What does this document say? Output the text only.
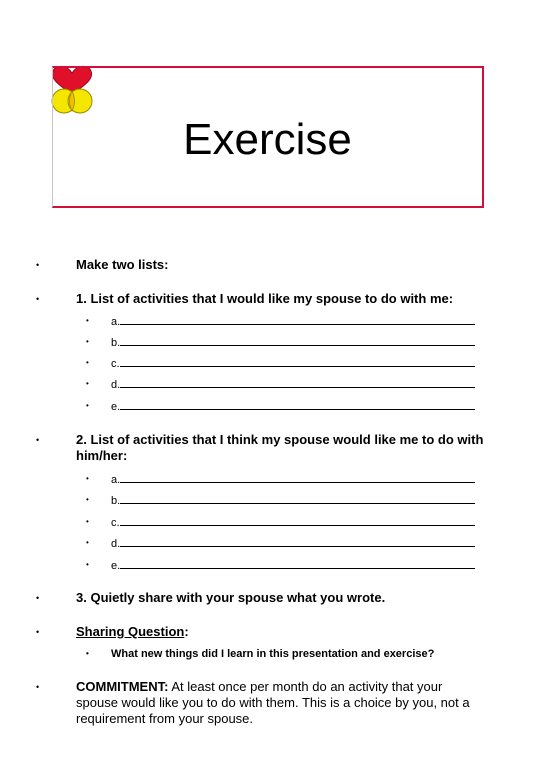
Exercise
• Make two lists:
• 1. List of activities that I would like my spouse to do with me:
• a.
• b.
• c.
• d.
• e.
• 2. List of activities that I think my spouse would like me to do with him/her:
• a.
• b.
• c.
• d.
• e.
• 3. Quietly share with your spouse what you wrote.
• Sharing Question:
• What new things did I learn in this presentation and exercise?
• COMMITMENT: At least once per month do an activity that your spouse would like you to do with them. This is a choice by you, not a requirement from your spouse.
